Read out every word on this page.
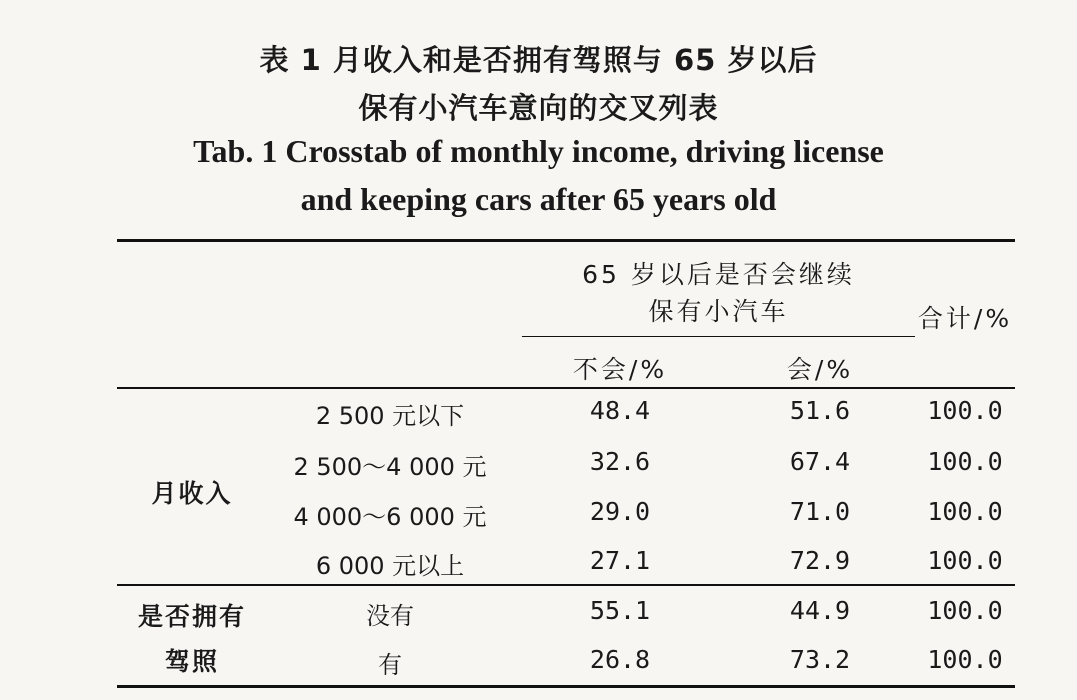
表 1 月收入和是否拥有驾照与 65 岁以后
保有小汽车意向的交叉列表
Tab. 1 Crosstab of monthly income, driving license
and keeping cars after 65 years old
65 岁以后是否会继续
保有小汽车	合计/%
不会/%	会/%
月收入
2 500 元以下	48.4	51.6	100.0
2 500～4 000 元	32.6	67.4	100.0
4 000～6 000 元	29.0	71.0	100.0
6 000 元以上	27.1	72.9	100.0
是否拥有
驾照
没有	55.1	44.9	100.0
有	26.8	73.2	100.0
